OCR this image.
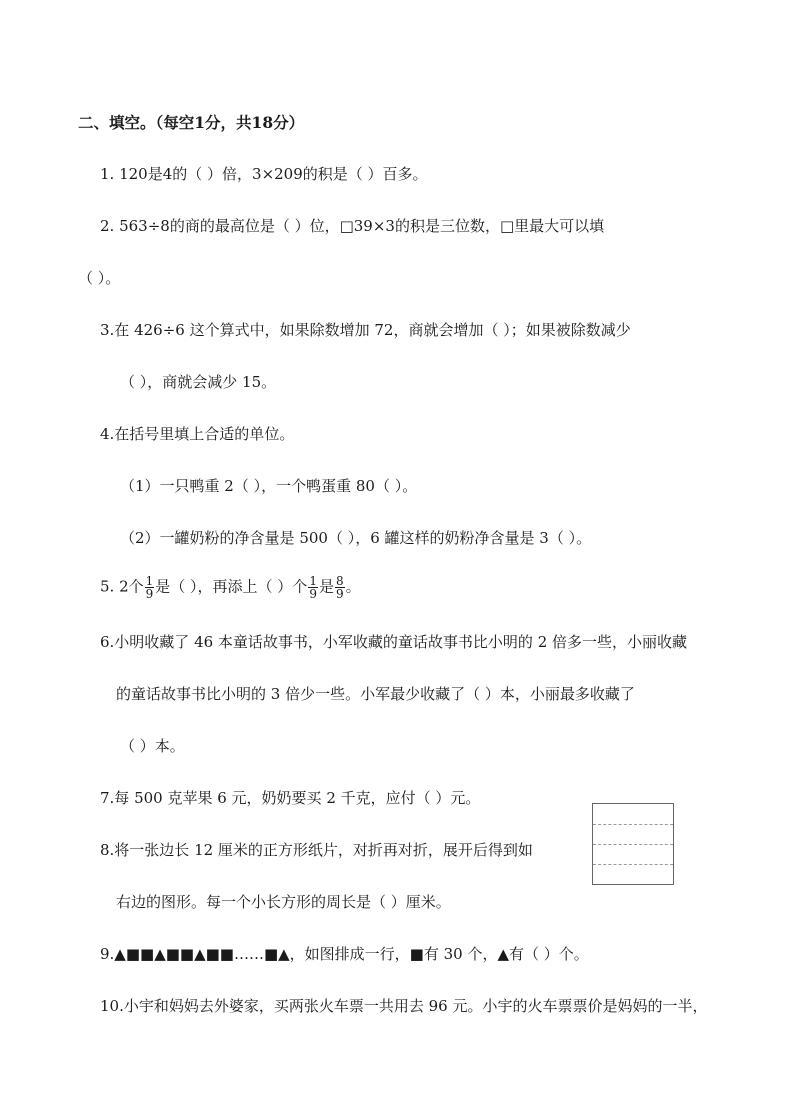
二、填空。（每空1分，共18分）
1. 120是4的（ ）倍，3×209的积是（ ）百多。
2. 563÷8的商的最高位是（ ）位，□39×3的积是三位数，□里最大可以填
（ ）。
3.在 426÷6 这个算式中，如果除数增加 72，商就会增加（ ）；如果被除数减少
（ ），商就会减少 15。
4.在括号里填上合适的单位。
（1）一只鸭重 2（ ），一个鸭蛋重 80（ ）。
（2）一罐奶粉的净含量是 500（ ），6 罐这样的奶粉净含量是 3（ ）。
5. 2个 $\frac{1}{9}$ 是（ ），再添上（ ）个 $\frac{1}{9}$ 是 $\frac{8}{9}$ 。
6.小明收藏了 46 本童话故事书，小军收藏的童话故事书比小明的 2 倍多一些，小丽收藏
的童话故事书比小明的 3 倍少一些。小军最少收藏了（ ）本，小丽最多收藏了
（ ）本。
7.每 500 克苹果 6 元，奶奶要买 2 千克，应付（ ）元。
8.将一张边长 12 厘米的正方形纸片，对折再对折，展开后得到如
右边的图形。每一个小长方形的周长是（ ）厘米。
9.▲■■▲■■▲■■……■▲，如图排成一行，■有 30 个，▲有（ ）个。
10.小宇和妈妈去外婆家，买两张火车票一共用去 96 元。小宇的火车票票价是妈妈的一半，
